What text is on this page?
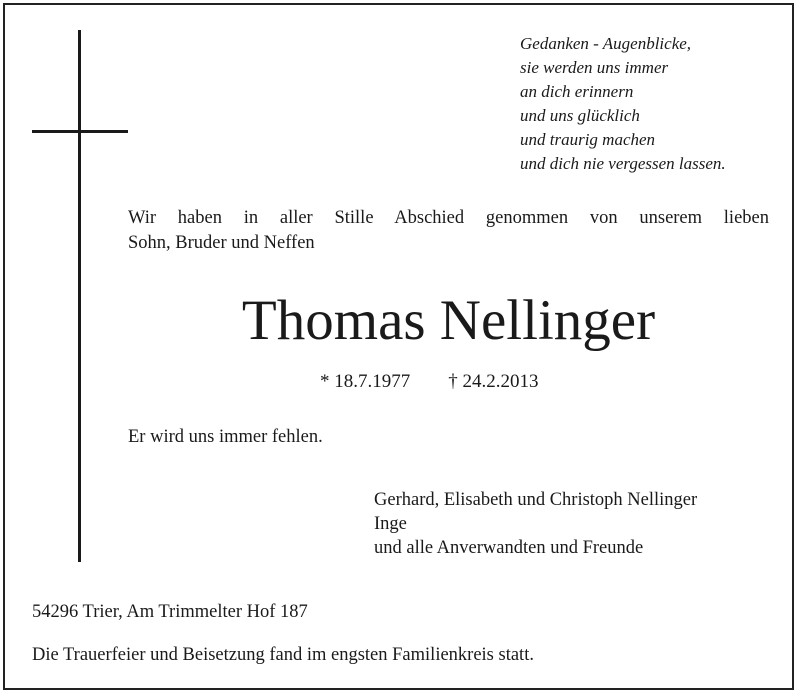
Gedanken - Augenblicke,
sie werden uns immer
an dich erinnern
und uns glücklich
und traurig machen
und dich nie vergessen lassen.
Wir haben in aller Stille Abschied genommen von unserem lieben
Sohn, Bruder und Neffen
Thomas Nellinger
* 18.7.1977 † 24.2.2013
Er wird uns immer fehlen.
Gerhard, Elisabeth und Christoph Nellinger
Inge
und alle Anverwandten und Freunde
54296 Trier, Am Trimmelter Hof 187
Die Trauerfeier und Beisetzung fand im engsten Familienkreis statt.
